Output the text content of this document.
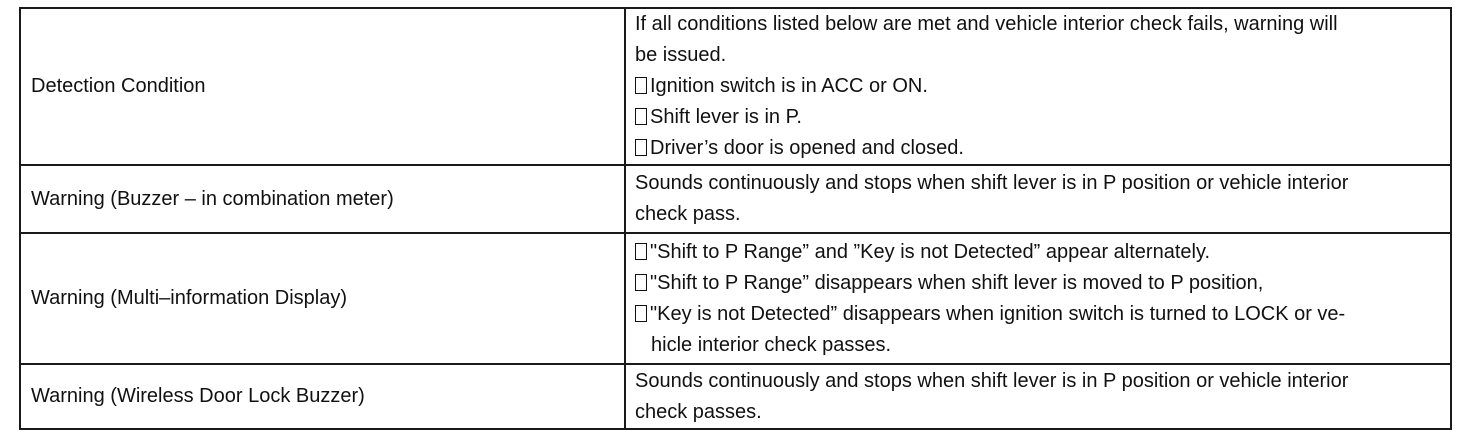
Detection Condition	If all conditions listed below are met and vehicle interior check fails, warning will
be issued.
Ignition switch is in ACC or ON.
Shift lever is in P.
Driver’s door is opened and closed.

Warning (Buzzer – in combination meter)	Sounds continuously and stops when shift lever is in P position or vehicle interior
check pass.

Warning (Multi–information Display)	"Shift to P Range” and ”Key is not Detected” appear alternately.
"Shift to P Range” disappears when shift lever is moved to P position,
"Key is not Detected” disappears when ignition switch is turned to LOCK or ve-
hicle interior check passes.

Warning (Wireless Door Lock Buzzer)	Sounds continuously and stops when shift lever is in P position or vehicle interior
check passes.
